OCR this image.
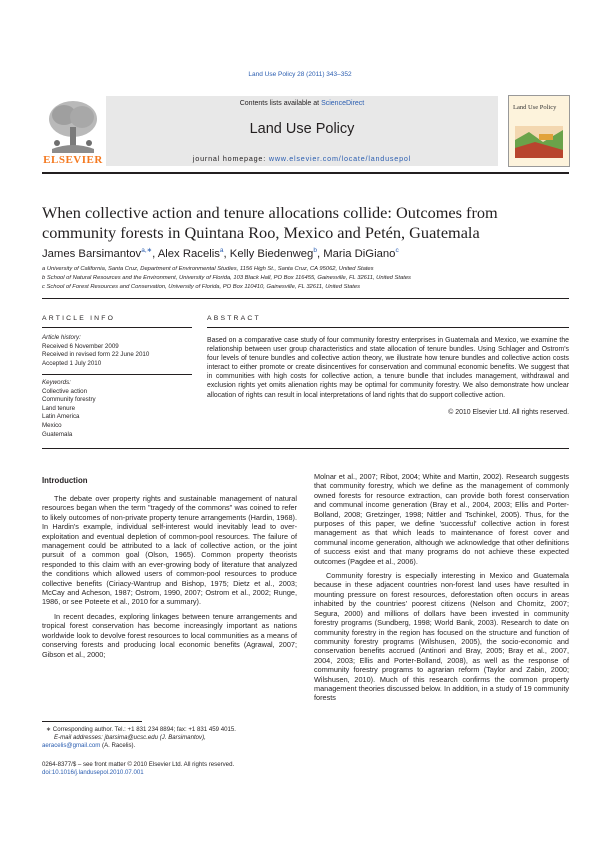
Land Use Policy 28 (2011) 343–352
ELSEVIER
Contents lists available at ScienceDirect
Land Use Policy
journal homepage: www.elsevier.com/locate/landusepol
Land Use Policy
When collective action and tenure allocations collide: Outcomes from community forests in Quintana Roo, Mexico and Petén, Guatemala
James Barsimantov$^{a,∗}$, Alex Racelis$^a$, Kelly Biedenweg$^b$, Maria DiGiano$^c$
a University of California, Santa Cruz, Department of Environmental Studies, 1156 High St., Santa Cruz, CA 95062, United States
b School of Natural Resources and the Environment, University of Florida, 103 Black Hall, PO Box 116455, Gainesville, FL 32611, United States
c School of Forest Resources and Conservation, University of Florida, PO Box 110410, Gainesville, FL 32611, United States
ARTICLE INFO
Article history:
Received 6 November 2009
Received in revised form 22 June 2010
Accepted 1 July 2010
Keywords:
Collective action
Community forestry
Land tenure
Latin America
Mexico
Guatemala
ABSTRACT
Based on a comparative case study of four community forestry enterprises in Guatemala and Mexico, we examine the relationship between user group characteristics and state allocation of tenure bundles. Using Schlager and Ostrom's four levels of tenure bundles and collective action theory, we illustrate how tenure bundles and collective action costs interact to either promote or create disincentives for conservation and communal economic benefits. We suggest that in communities with high costs for collective action, a tenure bundle that includes management, withdrawal and exclusion rights yet omits alienation rights may be optimal for community forestry. We also demonstrate how unclear allocation of rights can result in local interpretations of land rights that do support collective action.
© 2010 Elsevier Ltd. All rights reserved.
Introduction

The debate over property rights and sustainable management of natural resources began when the term "tragedy of the commons" was coined to refer to likely outcomes of non-private property tenure arrangements (Hardin, 1968). In Hardin's example, individual self-interest would inevitably lead to over-exploitation and eventual depletion of common-pool resources. The failure of management could be attributed to a lack of collective action, or the joint pursuit of a common goal (Olson, 1965). Common property theorists responded to this claim with an ever-growing body of literature that analyzed the conditions which allowed users of common-pool resources to produce collective benefits (Ciriacy-Wantrup and Bishop, 1975; Dietz et al., 2003; McCay and Acheson, 1987; Ostrom, 1990, 2007; Ostrom et al., 2002; Runge, 1986, or see Poteete et al., 2010 for a summary).

In recent decades, exploring linkages between tenure arrangements and tropical forest conservation has become increasingly important as nations worldwide look to devolve forest resources to local communities as a means of conserving forests and producing local economic benefits (Agrawal, 2007; Gibson et al., 2000;

Molnar et al., 2007; Ribot, 2004; White and Martin, 2002). Research suggests that community forestry, which we define as the management of commonly owned forests for resource extraction, can provide both forest conservation and communal income generation (Bray et al., 2004, 2003; Ellis and Porter-Bolland, 2008; Gretzinger, 1998; Nittler and Tschinkel, 2005). Thus, for the purposes of this paper, we define 'successful' collective action in forest management as that which leads to maintenance of forest cover and communal income generation, although we acknowledge that other definitions of success exist and that many programs do not achieve these expected outcomes (Pagdee et al., 2006).

Community forestry is especially interesting in Mexico and Guatemala because in these adjacent countries non-forest land uses have resulted in mounting pressure on forest resources, deforestation often occurs in areas inhabited by the countries' poorest citizens (Nelson and Chomitz, 2007; Segura, 2000) and millions of dollars have been invested in community forestry programs (Sundberg, 1998; World Bank, 2003). Research to date on community forestry in the region has focused on the structure and function of community forestry programs (Wilshusen, 2005), the socio-economic and conservation benefits accrued (Antinori and Bray, 2005; Bray et al., 2007, 2004, 2003; Ellis and Porter-Bolland, 2008), as well as the response of community forestry programs to agrarian reform (Taylor and Zabin, 2000; Wilshusen, 2010). Much of this research confirms the common property management theories discussed below. In addition, in a study of 19 community forests

∗ Corresponding author. Tel.: +1 831 234 8894; fax: +1 831 459 4015.
E-mail addresses: jbarsima@ucsc.edu (J. Barsimantov),
aeracelis@gmail.com (A. Racelis).
0264-8377/$ – see front matter © 2010 Elsevier Ltd. All rights reserved.
doi:10.1016/j.landusepol.2010.07.001
